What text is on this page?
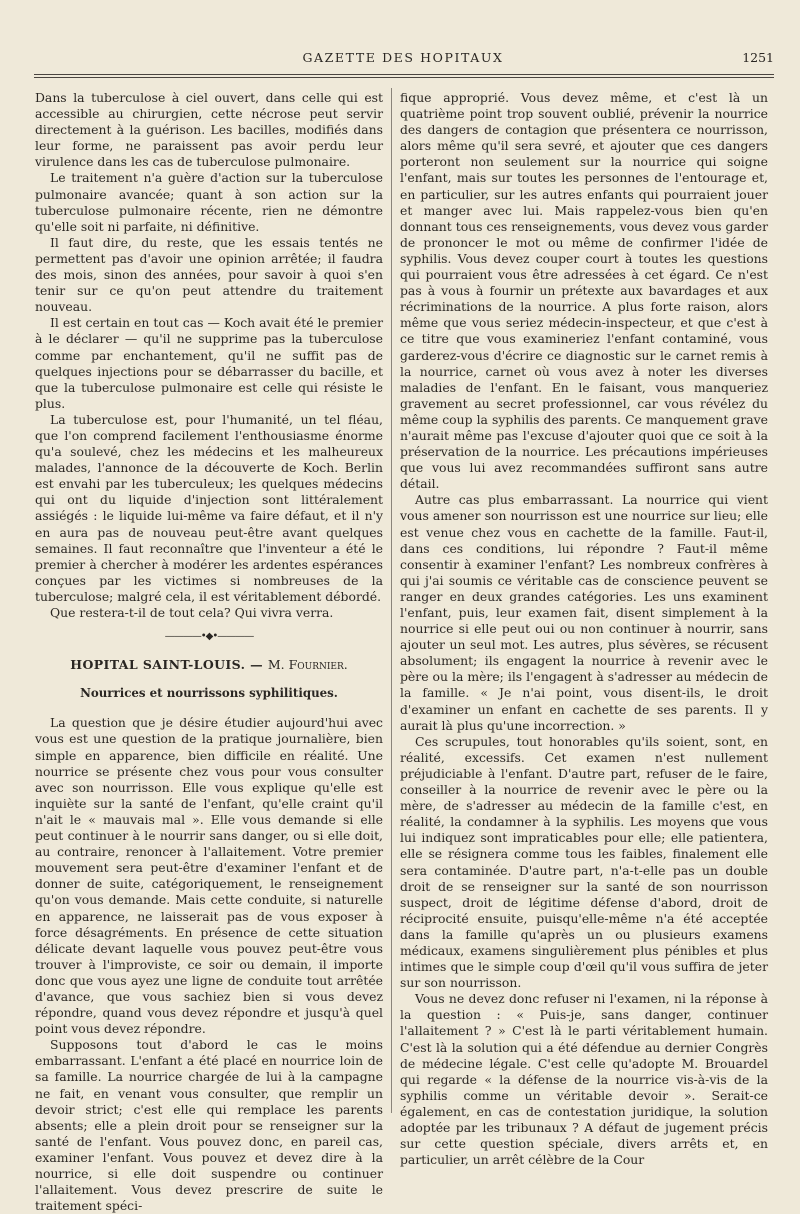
GAZETTE DES HOPITAUX	1251

Dans la tuberculose à ciel ouvert, dans celle qui est accessible au chirurgien, cette nécrose peut servir directement à la guérison. Les bacilles, modifiés dans leur forme, ne paraissent pas avoir perdu leur virulence dans les cas de tuberculose pulmonaire.

Le traitement n'a guère d'action sur la tuberculose pulmonaire avancée; quant à son action sur la tuberculose pulmonaire récente, rien ne démontre qu'elle soit ni parfaite, ni définitive.

Il faut dire, du reste, que les essais tentés ne permettent pas d'avoir une opinion arrêtée; il faudra des mois, sinon des années, pour savoir à quoi s'en tenir sur ce qu'on peut attendre du traitement nouveau.

Il est certain en tout cas — Koch avait été le premier à le déclarer — qu'il ne supprime pas la tuberculose comme par enchantement, qu'il ne suffit pas de quelques injections pour se débarrasser du bacille, et que la tuberculose pulmonaire est celle qui résiste le plus.

La tuberculose est, pour l'humanité, un tel fléau, que l'on comprend facilement l'enthousiasme énorme qu'a soulevé, chez les médecins et les malheureux malades, l'annonce de la découverte de Koch. Berlin est envahi par les tuberculeux; les quelques médecins qui ont du liquide d'injection sont littéralement assiégés : le liquide lui-même va faire défaut, et il n'y en aura pas de nouveau peut-être avant quelques semaines. Il faut reconnaître que l'inventeur a été le premier à chercher à modérer les ardentes espérances conçues par les victimes si nombreuses de la tuberculose; malgré cela, il est véritablement débordé.

Que restera-t-il de tout cela? Qui vivra verra.

————•◆•————
HOPITAL SAINT-LOUIS. — M. Fournier.
Nourrices et nourrissons syphilitiques.

La question que je désire étudier aujourd'hui avec vous est une question de la pratique journalière, bien simple en apparence, bien difficile en réalité. Une nourrice se présente chez vous pour vous consulter avec son nourrisson. Elle vous explique qu'elle est inquiète sur la santé de l'enfant, qu'elle craint qu'il n'ait le « mauvais mal ». Elle vous demande si elle peut continuer à le nourrir sans danger, ou si elle doit, au contraire, renoncer à l'allaitement. Votre premier mouvement sera peut-être d'examiner l'enfant et de donner de suite, catégoriquement, le renseignement qu'on vous demande. Mais cette conduite, si naturelle en apparence, ne laisserait pas de vous exposer à force désagréments. En présence de cette situation délicate devant laquelle vous pouvez peut-être vous trouver à l'improviste, ce soir ou demain, il importe donc que vous ayez une ligne de conduite tout arrêtée d'avance, que vous sachiez bien si vous devez répondre, quand vous devez répondre et jusqu'à quel point vous devez répondre.

Supposons tout d'abord le cas le moins embarrassant. L'enfant a été placé en nourrice loin de sa famille. La nourrice chargée de lui à la campagne ne fait, en venant vous consulter, que remplir un devoir strict; c'est elle qui remplace les parents absents; elle a plein droit pour se renseigner sur la santé de l'enfant. Vous pouvez donc, en pareil cas, examiner l'enfant. Vous pouvez et devez dire à la nourrice, si elle doit suspendre ou continuer l'allaitement. Vous devez prescrire de suite le traitement spéci-

fique approprié. Vous devez même, et c'est là un quatrième point trop souvent oublié, prévenir la nourrice des dangers de contagion que présentera ce nourrisson, alors même qu'il sera sevré, et ajouter que ces dangers porteront non seulement sur la nourrice qui soigne l'enfant, mais sur toutes les personnes de l'entourage et, en particulier, sur les autres enfants qui pourraient jouer et manger avec lui. Mais rappelez-vous bien qu'en donnant tous ces renseignements, vous devez vous garder de prononcer le mot ou même de confirmer l'idée de syphilis. Vous devez couper court à toutes les questions qui pourraient vous être adressées à cet égard. Ce n'est pas à vous à fournir un prétexte aux bavardages et aux récriminations de la nourrice. A plus forte raison, alors même que vous seriez médecin-inspecteur, et que c'est à ce titre que vous examineriez l'enfant contaminé, vous garderez-vous d'écrire ce diagnostic sur le carnet remis à la nourrice, carnet où vous avez à noter les diverses maladies de l'enfant. En le faisant, vous manqueriez gravement au secret professionnel, car vous révélez du même coup la syphilis des parents. Ce manquement grave n'aurait même pas l'excuse d'ajouter quoi que ce soit à la préservation de la nourrice. Les précautions impérieuses que vous lui avez recommandées suffiront sans autre détail.

Autre cas plus embarrassant. La nourrice qui vient vous amener son nourrisson est une nourrice sur lieu; elle est venue chez vous en cachette de la famille. Faut-il, dans ces conditions, lui répondre ? Faut-il même consentir à examiner l'enfant? Les nombreux confrères à qui j'ai soumis ce véritable cas de conscience peuvent se ranger en deux grandes catégories. Les uns examinent l'enfant, puis, leur examen fait, disent simplement à la nourrice si elle peut oui ou non continuer à nourrir, sans ajouter un seul mot. Les autres, plus sévères, se récusent absolument; ils engagent la nourrice à revenir avec le père ou la mère; ils l'engagent à s'adresser au médecin de la famille. « Je n'ai point, vous disent-ils, le droit d'examiner un enfant en cachette de ses parents. Il y aurait là plus qu'une incorrection. »

Ces scrupules, tout honorables qu'ils soient, sont, en réalité, excessifs. Cet examen n'est nullement préjudiciable à l'enfant. D'autre part, refuser de le faire, conseiller à la nourrice de revenir avec le père ou la mère, de s'adresser au médecin de la famille c'est, en réalité, la condamner à la syphilis. Les moyens que vous lui indiquez sont impraticables pour elle; elle patientera, elle se résignera comme tous les faibles, finalement elle sera contaminée. D'autre part, n'a-t-elle pas un double droit de se renseigner sur la santé de son nourrisson suspect, droit de légitime défense d'abord, droit de réciprocité ensuite, puisqu'elle-même n'a été acceptée dans la famille qu'après un ou plusieurs examens médicaux, examens singulièrement plus pénibles et plus intimes que le simple coup d'œil qu'il vous suffira de jeter sur son nourrisson.

Vous ne devez donc refuser ni l'examen, ni la réponse à la question : « Puis-je, sans danger, continuer l'allaitement ? » C'est là le parti véritablement humain. C'est là la solution qui a été défendue au dernier Congrès de médecine légale. C'est celle qu'adopte M. Brouardel qui regarde « la défense de la nourrice vis-à-vis de la syphilis comme un véritable devoir ». Serait-ce également, en cas de contestation juridique, la solution adoptée par les tribunaux ? A défaut de jugement précis sur cette question spéciale, divers arrêts et, en particulier, un arrêt célèbre de la Cour
